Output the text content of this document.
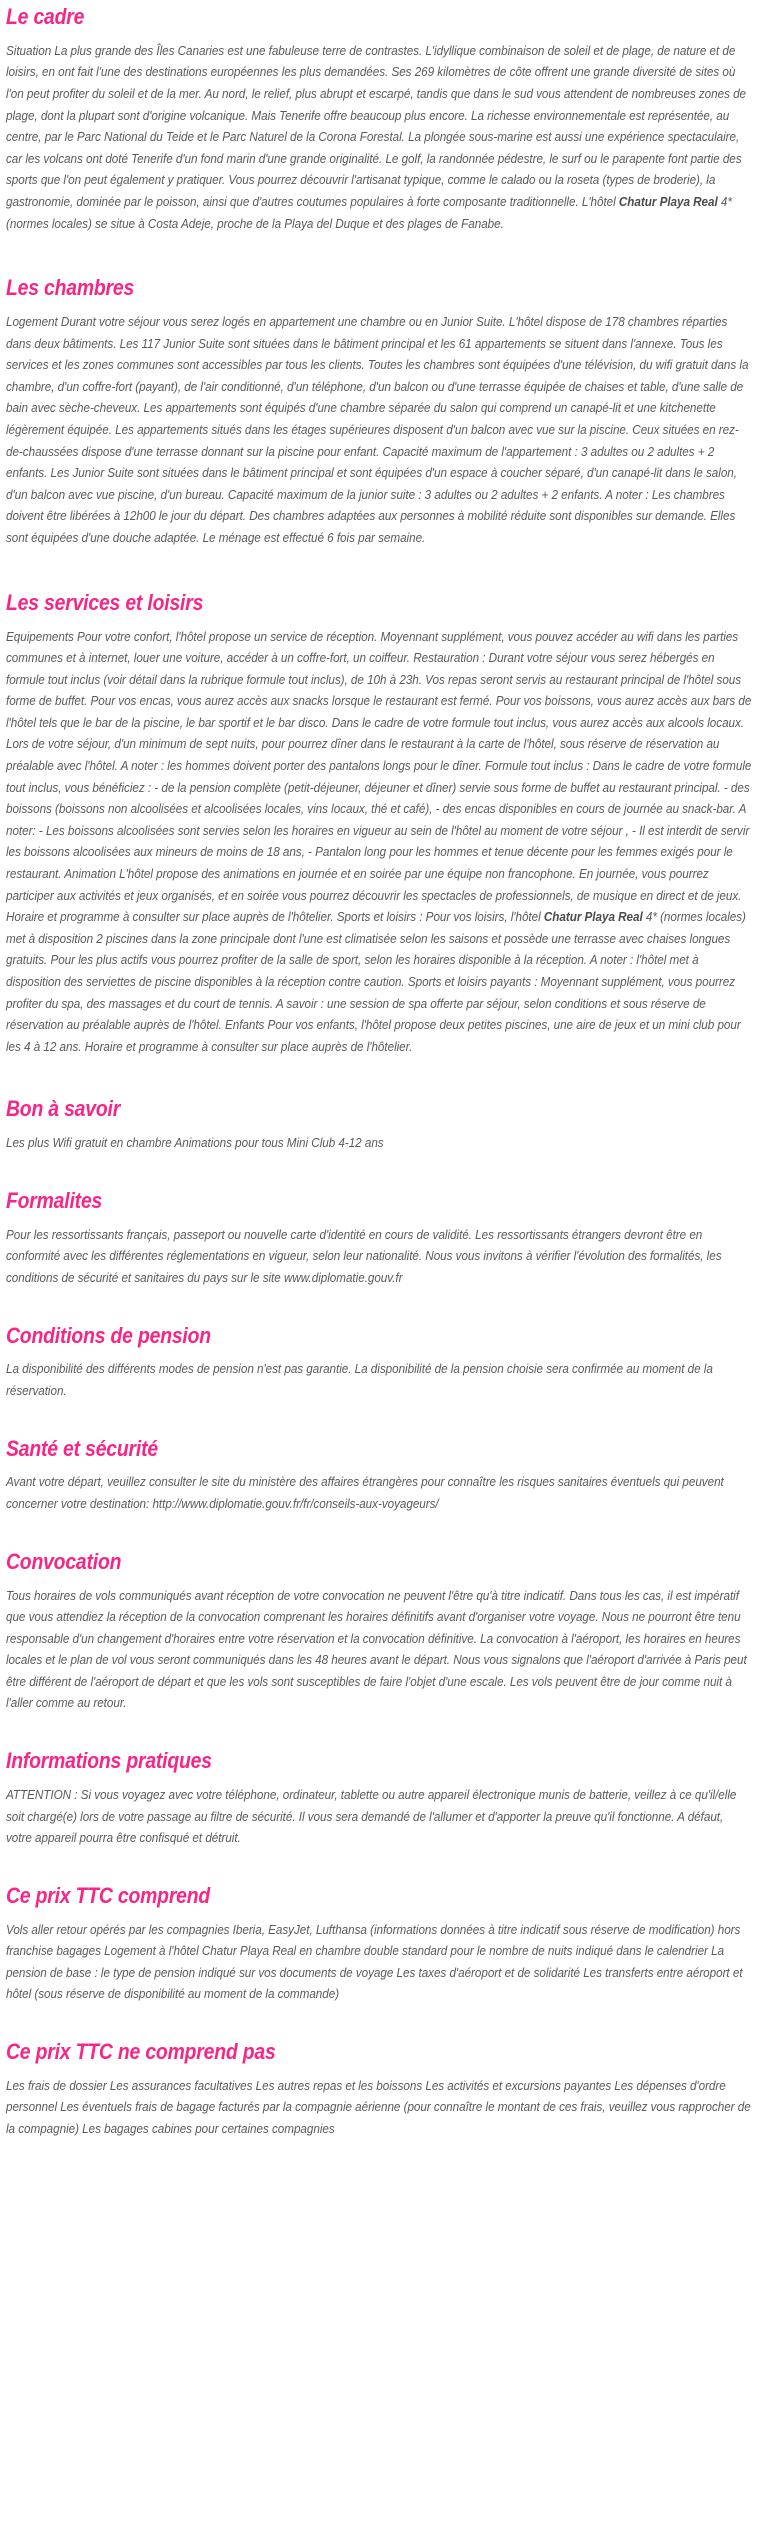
Le cadre

Situation La plus grande des Îles Canaries est une fabuleuse terre de contrastes. L'idyllique combinaison de soleil et de plage, de nature et de loisirs, en ont fait l'une des destinations européennes les plus demandées. Ses 269 kilomètres de côte offrent une grande diversité de sites où l'on peut profiter du soleil et de la mer. Au nord, le relief, plus abrupt et escarpé, tandis que dans le sud vous attendent de nombreuses zones de plage, dont la plupart sont d'origine volcanique. Mais Tenerife offre beaucoup plus encore. La richesse environnementale est représentée, au centre, par le Parc National du Teide et le Parc Naturel de la Corona Forestal. La plongée sous-marine est aussi une expérience spectaculaire, car les volcans ont doté Tenerife d'un fond marin d'une grande originalité. Le golf, la randonnée pédestre, le surf ou le parapente font partie des sports que l'on peut également y pratiquer. Vous pourrez découvrir l'artisanat typique, comme le calado ou la roseta (types de broderie), la gastronomie, dominée par le poisson, ainsi que d'autres coutumes populaires à forte composante traditionnelle. L'hôtel Chatur Playa Real 4* (normes locales) se situe à Costa Adeje, proche de la Playa del Duque et des plages de Fanabe.

Les chambres

Logement Durant votre séjour vous serez logés en appartement une chambre ou en Junior Suite. L'hôtel dispose de 178 chambres réparties dans deux bâtiments. Les 117 Junior Suite sont situées dans le bâtiment principal et les 61 appartements se situent dans l'annexe. Tous les services et les zones communes sont accessibles par tous les clients. Toutes les chambres sont équipées d'une télévision, du wifi gratuit dans la chambre, d'un coffre-fort (payant), de l'air conditionné, d'un téléphone, d'un balcon ou d'une terrasse équipée de chaises et table, d'une salle de bain avec sèche-cheveux. Les appartements sont équipés d'une chambre séparée du salon qui comprend un canapé-lit et une kitchenette légèrement équipée. Les appartements situés dans les étages supérieures disposent d'un balcon avec vue sur la piscine. Ceux situées en rez-de-chaussées dispose d'une terrasse donnant sur la piscine pour enfant. Capacité maximum de l'appartement : 3 adultes ou 2 adultes + 2 enfants. Les Junior Suite sont situées dans le bâtiment principal et sont équipées d'un espace à coucher séparé, d'un canapé-lit dans le salon, d'un balcon avec vue piscine, d'un bureau. Capacité maximum de la junior suite : 3 adultes ou 2 adultes + 2 enfants. A noter : Les chambres doivent être libérées à 12h00 le jour du départ. Des chambres adaptées aux personnes à mobilité réduite sont disponibles sur demande. Elles sont équipées d'une douche adaptée. Le ménage est effectué 6 fois par semaine.

Les services et loisirs

Equipements Pour votre confort, l'hôtel propose un service de réception. Moyennant supplément, vous pouvez accéder au wifi dans les parties communes et à internet, louer une voiture, accéder à un coffre-fort, un coiffeur. Restauration : Durant votre séjour vous serez hébergés en formule tout inclus (voir détail dans la rubrique formule tout inclus), de 10h à 23h. Vos repas seront servis au restaurant principal de l'hôtel sous forme de buffet. Pour vos encas, vous aurez accès aux snacks lorsque le restaurant est fermé. Pour vos boissons, vous aurez accès aux bars de l'hôtel tels que le bar de la piscine, le bar sportif et le bar disco. Dans le cadre de votre formule tout inclus, vous aurez accès aux alcools locaux. Lors de votre séjour, d'un minimum de sept nuits, pour pourrez dîner dans le restaurant à la carte de l'hôtel, sous réserve de réservation au préalable avec l'hôtel. A noter : les hommes doivent porter des pantalons longs pour le dîner. Formule tout inclus : Dans le cadre de votre formule tout inclus, vous bénéficiez : - de la pension complète (petit-déjeuner, déjeuner et dîner) servie sous forme de buffet au restaurant principal. - des boissons (boissons non alcoolisées et alcoolisées locales, vins locaux, thé et café), - des encas disponibles en cours de journée au snack-bar. A noter: - Les boissons alcoolisées sont servies selon les horaires en vigueur au sein de l'hôtel au moment de votre séjour , - Il est interdit de servir les boissons alcoolisées aux mineurs de moins de 18 ans, - Pantalon long pour les hommes et tenue décente pour les femmes exigés pour le restaurant. Animation L'hôtel propose des animations en journée et en soirée par une équipe non francophone. En journée, vous pourrez participer aux activités et jeux organisés, et en soirée vous pourrez découvrir les spectacles de professionnels, de musique en direct et de jeux. Horaire et programme à consulter sur place auprès de l'hôtelier. Sports et loisirs : Pour vos loisirs, l'hôtel Chatur Playa Real 4* (normes locales) met à disposition 2 piscines dans la zone principale dont l'une est climatisée selon les saisons et possède une terrasse avec chaises longues gratuits. Pour les plus actifs vous pourrez profiter de la salle de sport, selon les horaires disponible à la réception. A noter : l'hôtel met à disposition des serviettes de piscine disponibles à la réception contre caution. Sports et loisirs payants : Moyennant supplément, vous pourrez profiter du spa, des massages et du court de tennis. A savoir : une session de spa offerte par séjour, selon conditions et sous réserve de réservation au préalable auprès de l'hôtel. Enfants Pour vos enfants, l'hôtel propose deux petites piscines, une aire de jeux et un mini club pour les 4 à 12 ans. Horaire et programme à consulter sur place auprès de l'hôtelier.

Bon à savoir

Les plus Wifi gratuit en chambre Animations pour tous Mini Club 4-12 ans

Formalites

Pour les ressortissants français, passeport ou nouvelle carte d'identité en cours de validité. Les ressortissants étrangers devront être en conformité avec les différentes réglementations en vigueur, selon leur nationalité. Nous vous invitons à vérifier l'évolution des formalités, les conditions de sécurité et sanitaires du pays sur le site www.diplomatie.gouv.fr

Conditions de pension

La disponibilité des différents modes de pension n'est pas garantie. La disponibilité de la pension choisie sera confirmée au moment de la réservation.

Santé et sécurité

Avant votre départ, veuillez consulter le site du ministère des affaires étrangères pour connaître les risques sanitaires éventuels qui peuvent concerner votre destination: http://www.diplomatie.gouv.fr/fr/conseils-aux-voyageurs/

Convocation

Tous horaires de vols communiqués avant réception de votre convocation ne peuvent l'être qu'à titre indicatif. Dans tous les cas, il est impératif que vous attendiez la réception de la convocation comprenant les horaires définitifs avant d'organiser votre voyage. Nous ne pourront être tenu responsable d'un changement d'horaires entre votre réservation et la convocation définitive. La convocation à l'aéroport, les horaires en heures locales et le plan de vol vous seront communiqués dans les 48 heures avant le départ. Nous vous signalons que l'aéroport d'arrivée à Paris peut être différent de l'aéroport de départ et que les vols sont susceptibles de faire l'objet d'une escale. Les vols peuvent être de jour comme nuit à l'aller comme au retour.

Informations pratiques

ATTENTION : Si vous voyagez avec votre téléphone, ordinateur, tablette ou autre appareil électronique munis de batterie, veillez à ce qu'il/elle soit chargé(e) lors de votre passage au filtre de sécurité. Il vous sera demandé de l'allumer et d'apporter la preuve qu'il fonctionne. A défaut, votre appareil pourra être confisqué et détruit.

Ce prix TTC comprend

Vols aller retour opérés par les compagnies Iberia, EasyJet, Lufthansa (informations données à titre indicatif sous réserve de modification) hors franchise bagages Logement à l'hôtel Chatur Playa Real en chambre double standard pour le nombre de nuits indiqué dans le calendrier La pension de base : le type de pension indiqué sur vos documents de voyage Les taxes d'aéroport et de solidarité Les transferts entre aéroport et hôtel (sous réserve de disponibilité au moment de la commande)

Ce prix TTC ne comprend pas

Les frais de dossier Les assurances facultatives Les autres repas et les boissons Les activités et excursions payantes Les dépenses d'ordre personnel Les éventuels frais de bagage facturés par la compagnie aérienne (pour connaître le montant de ces frais, veuillez vous rapprocher de la compagnie) Les bagages cabines pour certaines compagnies
